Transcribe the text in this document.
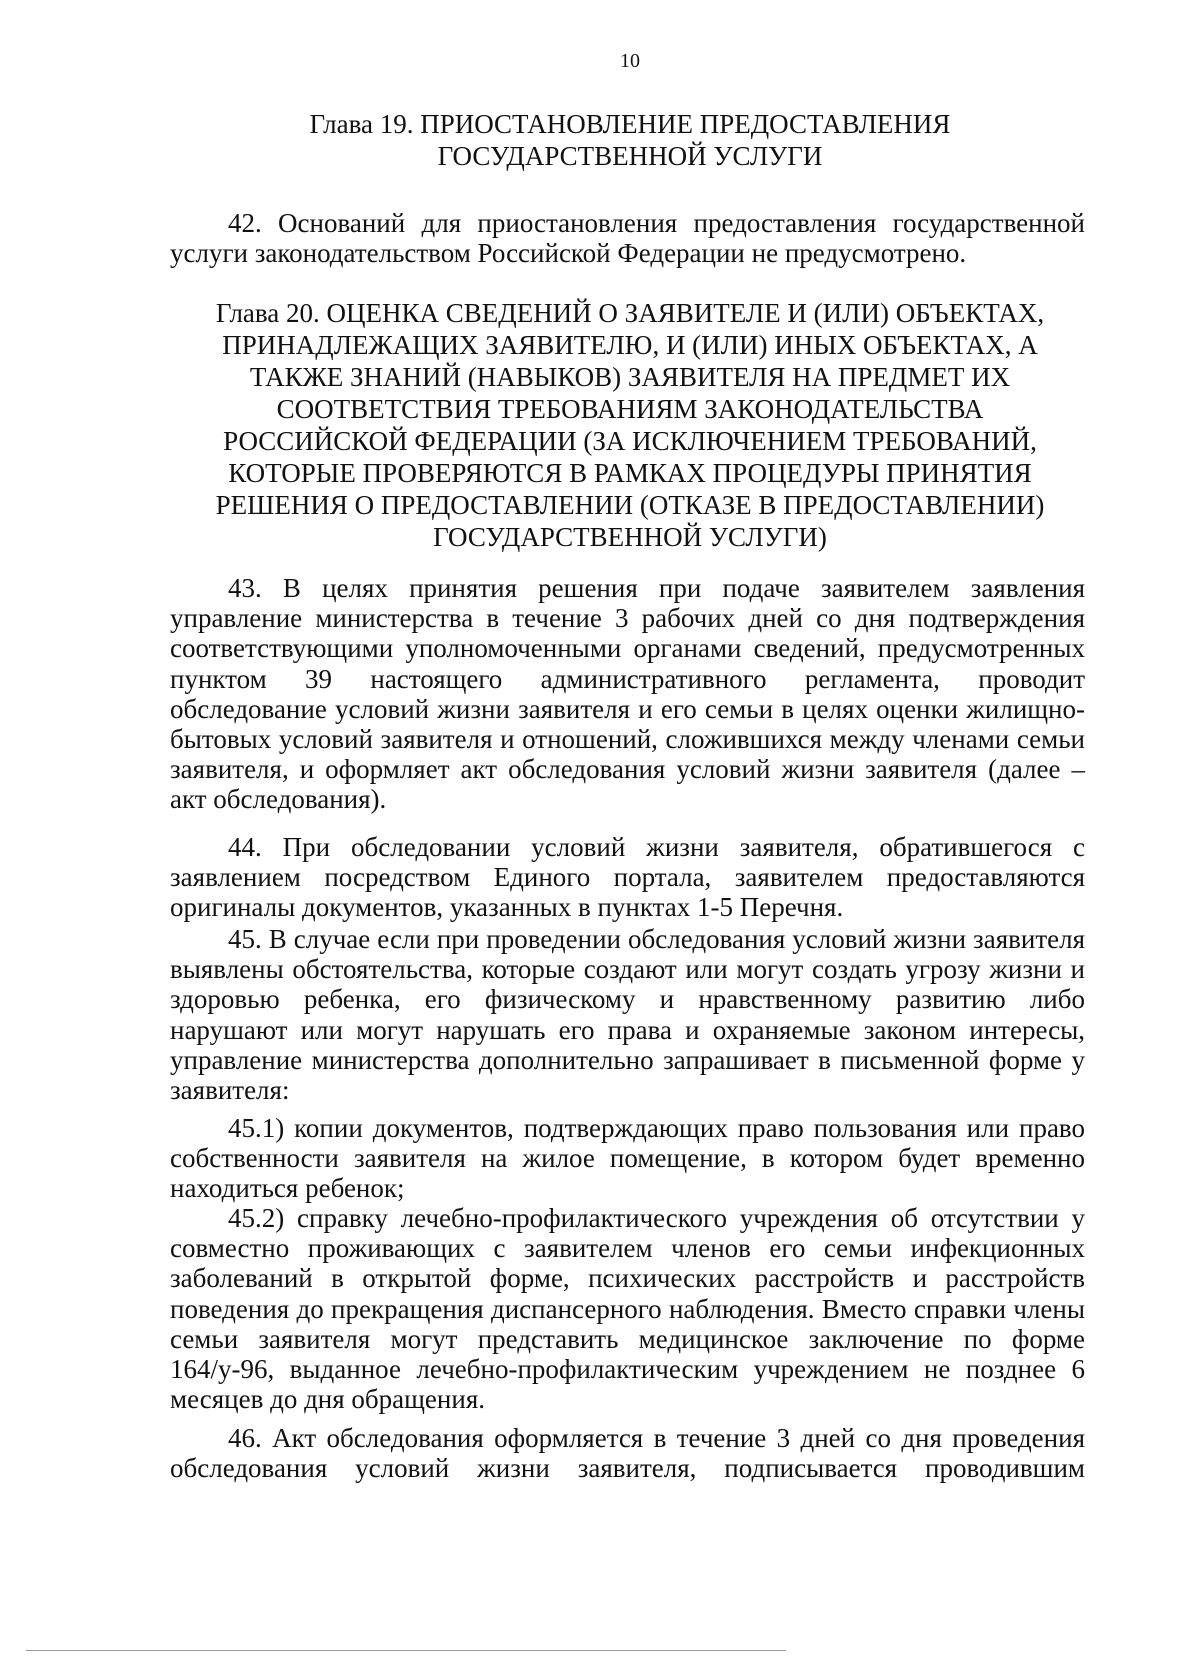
10
Глава 19. ПРИОСТАНОВЛЕНИЕ ПРЕДОСТАВЛЕНИЯ
ГОСУДАРСТВЕННОЙ УСЛУГИ
42. Оснований для приостановления предоставления государственной
услуги законодательством Российской Федерации не предусмотрено.
Глава 20. ОЦЕНКА СВЕДЕНИЙ О ЗАЯВИТЕЛЕ И (ИЛИ) ОБЪЕКТАХ,
ПРИНАДЛЕЖАЩИХ ЗАЯВИТЕЛЮ, И (ИЛИ) ИНЫХ ОБЪЕКТАХ, А
ТАКЖЕ ЗНАНИЙ (НАВЫКОВ) ЗАЯВИТЕЛЯ НА ПРЕДМЕТ ИХ
СООТВЕТСТВИЯ ТРЕБОВАНИЯМ ЗАКОНОДАТЕЛЬСТВА
РОССИЙСКОЙ ФЕДЕРАЦИИ (ЗА ИСКЛЮЧЕНИЕМ ТРЕБОВАНИЙ,
КОТОРЫЕ ПРОВЕРЯЮТСЯ В РАМКАХ ПРОЦЕДУРЫ ПРИНЯТИЯ
РЕШЕНИЯ О ПРЕДОСТАВЛЕНИИ (ОТКАЗЕ В ПРЕДОСТАВЛЕНИИ)
ГОСУДАРСТВЕННОЙ УСЛУГИ)
43. В целях принятия решения при подаче заявителем заявления
управление министерства в течение 3 рабочих дней со дня подтверждения
соответствующими уполномоченными органами сведений, предусмотренных
пунктом 39 настоящего административного регламента, проводит
обследование условий жизни заявителя и его семьи в целях оценки жилищно-
бытовых условий заявителя и отношений, сложившихся между членами семьи
заявителя, и оформляет акт обследования условий жизни заявителя (далее –
акт обследования).
44. При обследовании условий жизни заявителя, обратившегося с
заявлением посредством Единого портала, заявителем предоставляются
оригиналы документов, указанных в пунктах 1-5 Перечня.
45. В случае если при проведении обследования условий жизни заявителя
выявлены обстоятельства, которые создают или могут создать угрозу жизни и
здоровью ребенка, его физическому и нравственному развитию либо
нарушают или могут нарушать его права и охраняемые законом интересы,
управление министерства дополнительно запрашивает в письменной форме у
заявителя:
45.1) копии документов, подтверждающих право пользования или право
собственности заявителя на жилое помещение, в котором будет временно
находиться ребенок;
45.2) справку лечебно-профилактического учреждения об отсутствии у
совместно проживающих с заявителем членов его семьи инфекционных
заболеваний в открытой форме, психических расстройств и расстройств
поведения до прекращения диспансерного наблюдения. Вместо справки члены
семьи заявителя могут представить медицинское заключение по форме
164/у-96, выданное лечебно-профилактическим учреждением не позднее 6
месяцев до дня обращения.
46. Акт обследования оформляется в течение 3 дней со дня проведения
обследования условий жизни заявителя, подписывается проводившим
